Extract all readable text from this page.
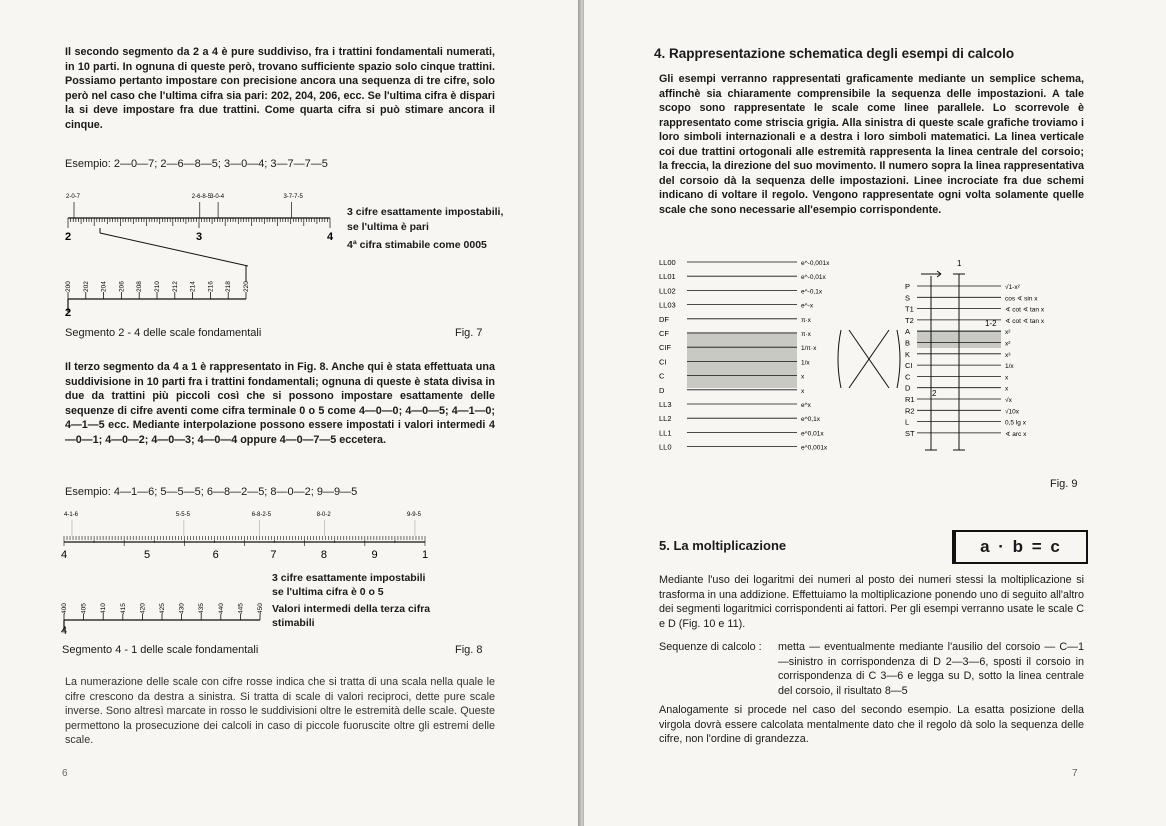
Il secondo segmento da 2 a 4 è pure suddiviso, fra i trattini fondamentali numerati, in 10 parti. In ognuna di queste però, trovano sufficiente spazio solo cinque trattini. Possiamo pertanto impostare con precisione ancora una sequenza di tre cifre, solo però nel caso che l'ultima cifra sia pari: 202, 204, 206, ecc. Se l'ultima cifra è dispari la si deve impostare fra due trattini. Come quarta cifra si può stimare ancora il cinque.
Esempio: 2—0—7; 2—6—8—5; 3—0—4; 3—7—7—5
2-0-7	2-6-8-5
3-0-4	3-7-7-5
2	3	4
200 202 204 206 208 210 212 214 216 218 220
2
3 cifre esattamente impostabili,
se l'ultima è pari
4ª cifra stimabile come 0005
Segmento 2 - 4 delle scale fondamentali	Fig. 7
Il terzo segmento da 4 a 1 è rappresentato in Fig. 8. Anche qui è stata effettuata una suddivisione in 10 parti fra i trattini fondamentali; ognuna di queste è stata divisa in due da trattini più piccoli così che si possono impostare esattamente delle sequenze di cifre aventi come cifra terminale 0 o 5 come 4—0—0; 4—0—5; 4—1—0; 4—1—5 ecc. Mediante interpolazione possono essere impostati i valori intermedi 4—0—1; 4—0—2; 4—0—3; 4—0—4 oppure 4—0—7—5 eccetera.
Esempio: 4—1—6; 5—5—5; 6—8—2—5; 8—0—2; 9—9—5
4	5	6	7	8	9	1
4-1-6	5-5-5	6-8-2-5	8-0-2	9-9-5
400 405 410 415 420 425 430 435 440 445 450
4
3 cifre esattamente impostabili
se l'ultima cifra è 0 o 5
Valori intermedi della terza cifra
stimabili
Segmento 4 - 1 delle scale fondamentali	Fig. 8
La numerazione delle scale con cifre rosse indica che si tratta di una scala nella quale le cifre crescono da destra a sinistra. Si tratta di scale di valori reciproci, dette pure scale inverse. Sono altresì marcate in rosso le suddivisioni oltre le estremità delle scale. Queste permettono la prosecuzione dei calcoli in caso di piccole fuoruscite oltre gli estremi delle scale.
6
4. Rappresentazione schematica degli esempi di calcolo
Gli esempi verranno rappresentati graficamente mediante un semplice schema, affinchè sia chiaramente comprensibile la sequenza delle impostazioni. A tale scopo sono rappresentate le scale come linee parallele. Lo scorrevole è rappresentato come striscia grigia. Alla sinistra di queste scale grafiche troviamo i loro simboli internazionali e a destra i loro simboli matematici. La linea verticale coi due trattini ortogonali alle estremità rappresenta la linea centrale del corsoio; la freccia, la direzione del suo movimento. Il numero sopra la linea rappresentativa del corsoio dà la sequenza delle impostazioni. Linee incrociate fra due schemi indicano di voltare il regolo. Vengono rappresentate ogni volta solamente quelle scale che sono necessarie all'esempio corrispondente.
LL00	e^-0,001x
LL01	e^-0,01x
LL02	e^-0,1x
LL03	e^-x
DF	π·x
CF	π·x
CIF	1/π·x
CI	1/x
C	x
D	x
LL3	e^x
LL2	e^0,1x
LL1	e^0,01x
LL0	e^0,001x
P	√1-x²
S	cos ∢ sin x
T1	∢ cot ∢ tan x
T2	∢ cot ∢ tan x
A	x²
B	x²
K	x³
CI	1/x
C	x
D	x
R1	√x
R2	√10x
L	0,5 lg x
ST	∢ arc x
1
1-2
2
Fig. 9
5. La moltiplicazione	a · b = c
Mediante l'uso dei logaritmi dei numeri al posto dei numeri stessi la moltiplicazione si trasforma in una addizione. Effettuiamo la moltiplicazione ponendo uno di seguito all'altro dei segmenti logaritmici corrispondenti ai fattori. Per gli esempi verranno usate le scale C e D (Fig. 10 e 11).
Sequenze di calcolo : metta — eventualmente mediante l'ausilio del corsoio — C—1—sinistro in corrispondenza di D 2—3—6, sposti il corsoio in corrispondenza di C 3—6 e legga su D, sotto la linea centrale del corsoio, il risultato 8—5
Analogamente si procede nel caso del secondo esempio. La esatta posizione della virgola dovrà essere calcolata mentalmente dato che il regolo dà solo la sequenza delle cifre, non l'ordine di grandezza.
7
